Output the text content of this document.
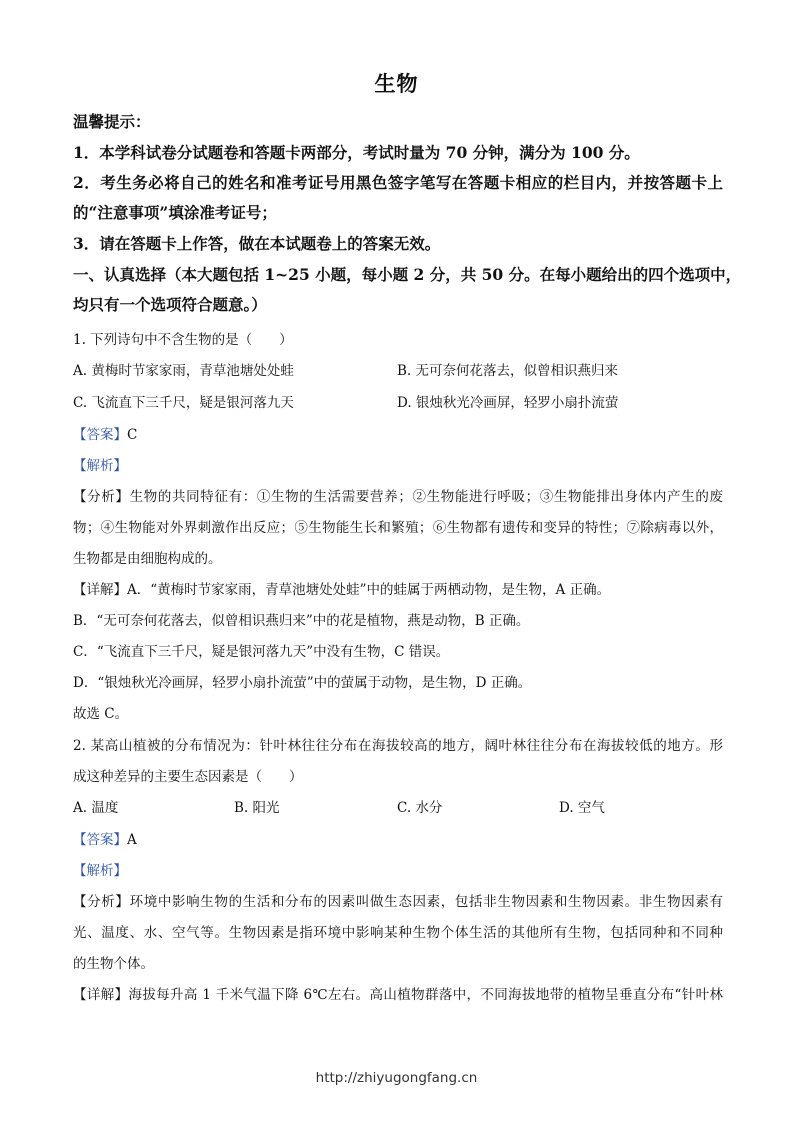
生物
温馨提示：
1．本学科试卷分试题卷和答题卡两部分，考试时量为 70 分钟，满分为 100 分。
2．考生务必将自己的姓名和准考证号用黑色签字笔写在答题卡相应的栏目内，并按答题卡上
的“注意事项”填涂准考证号；
3．请在答题卡上作答，做在本试题卷上的答案无效。
一、认真选择（本大题包括 1~25 小题，每小题 2 分，共 50 分。在每小题给出的四个选项中，
均只有一个选项符合题意。）
1. 下列诗句中不含生物的是（　　）
A. 黄梅时节家家雨，青草池塘处处蛙	B. 无可奈何花落去，似曾相识燕归来
C. 飞流直下三千尺，疑是银河落九天	D. 银烛秋光冷画屏，轻罗小扇扑流萤
【答案】C
【解析】
【分析】生物的共同特征有：①生物的生活需要营养；②生物能进行呼吸；③生物能排出身体内产生的废
物；④生物能对外界刺激作出反应；⑤生物能生长和繁殖；⑥生物都有遗传和变异的特性；⑦除病毒以外，
生物都是由细胞构成的。
【详解】A．“黄梅时节家家雨，青草池塘处处蛙”中的蛙属于两栖动物，是生物，A 正确。
B．“无可奈何花落去，似曾相识燕归来”中的花是植物，燕是动物，B 正确。
C．“飞流直下三千尺，疑是银河落九天”中没有生物，C 错误。
D．“银烛秋光冷画屏，轻罗小扇扑流萤”中的萤属于动物，是生物，D 正确。
故选 C。
2. 某高山植被的分布情况为：针叶林往往分布在海拔较高的地方，阔叶林往往分布在海拔较低的地方。形
成这种差异的主要生态因素是（　　）
A. 温度	B. 阳光	C. 水分	D. 空气
【答案】A
【解析】
【分析】环境中影响生物的生活和分布的因素叫做生态因素，包括非生物因素和生物因素。非生物因素有
光、温度、水、空气等。生物因素是指环境中影响某种生物个体生活的其他所有生物，包括同种和不同种
的生物个体。
【详解】海拔每升高 1 千米气温下降 6℃左右。高山植物群落中，不同海拔地带的植物呈垂直分布“针叶林
http://zhiyugongfang.cn
